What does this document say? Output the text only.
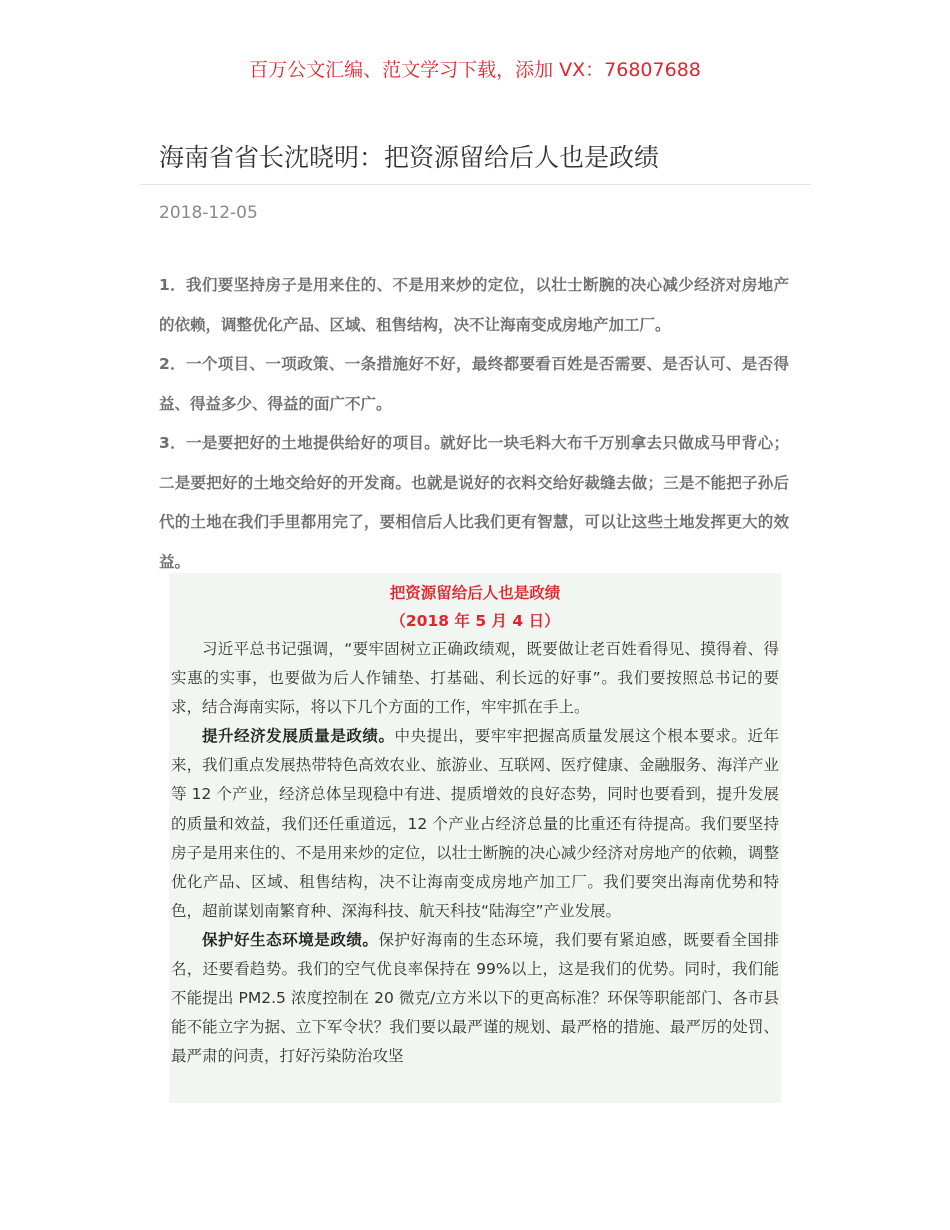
百万公文汇编、范文学习下载，添加 VX：76807688
海南省省长沈晓明：把资源留给后人也是政绩
2018-12-05

1．我们要坚持房子是用来住的、不是用来炒的定位，以壮士断腕的决心减少经济对房地产的依赖，调整优化产品、区域、租售结构，决不让海南变成房地产加工厂。

2．一个项目、一项政策、一条措施好不好，最终都要看百姓是否需要、是否认可、是否得益、得益多少、得益的面广不广。

3．一是要把好的土地提供给好的项目。就好比一块毛料大布千万别拿去只做成马甲背心；二是要把好的土地交给好的开发商。也就是说好的衣料交给好裁缝去做；三是不能把子孙后代的土地在我们手里都用完了，要相信后人比我们更有智慧，可以让这些土地发挥更大的效益。

把资源留给后人也是政绩
（2018 年 5 月 4 日）

习近平总书记强调，“要牢固树立正确政绩观，既要做让老百姓看得见、摸得着、得实惠的实事，也要做为后人作铺垫、打基础、利长远的好事”。我们要按照总书记的要求，结合海南实际，将以下几个方面的工作，牢牢抓在手上。

提升经济发展质量是政绩。中央提出，要牢牢把握高质量发展这个根本要求。近年来，我们重点发展热带特色高效农业、旅游业、互联网、医疗健康、金融服务、海洋产业等 12 个产业，经济总体呈现稳中有进、提质增效的良好态势，同时也要看到，提升发展的质量和效益，我们还任重道远，12 个产业占经济总量的比重还有待提高。我们要坚持房子是用来住的、不是用来炒的定位，以壮士断腕的决心减少经济对房地产的依赖，调整优化产品、区域、租售结构，决不让海南变成房地产加工厂。我们要突出海南优势和特色，超前谋划南繁育种、深海科技、航天科技“陆海空”产业发展。

保护好生态环境是政绩。保护好海南的生态环境，我们要有紧迫感，既要看全国排名，还要看趋势。我们的空气优良率保持在 99%以上，这是我们的优势。同时，我们能不能提出 PM2.5 浓度控制在 20 微克/立方米以下的更高标准？环保等职能部门、各市县能不能立字为据、立下军令状？我们要以最严谨的规划、最严格的措施、最严厉的处罚、最严肃的问责，打好污染防治攻坚
